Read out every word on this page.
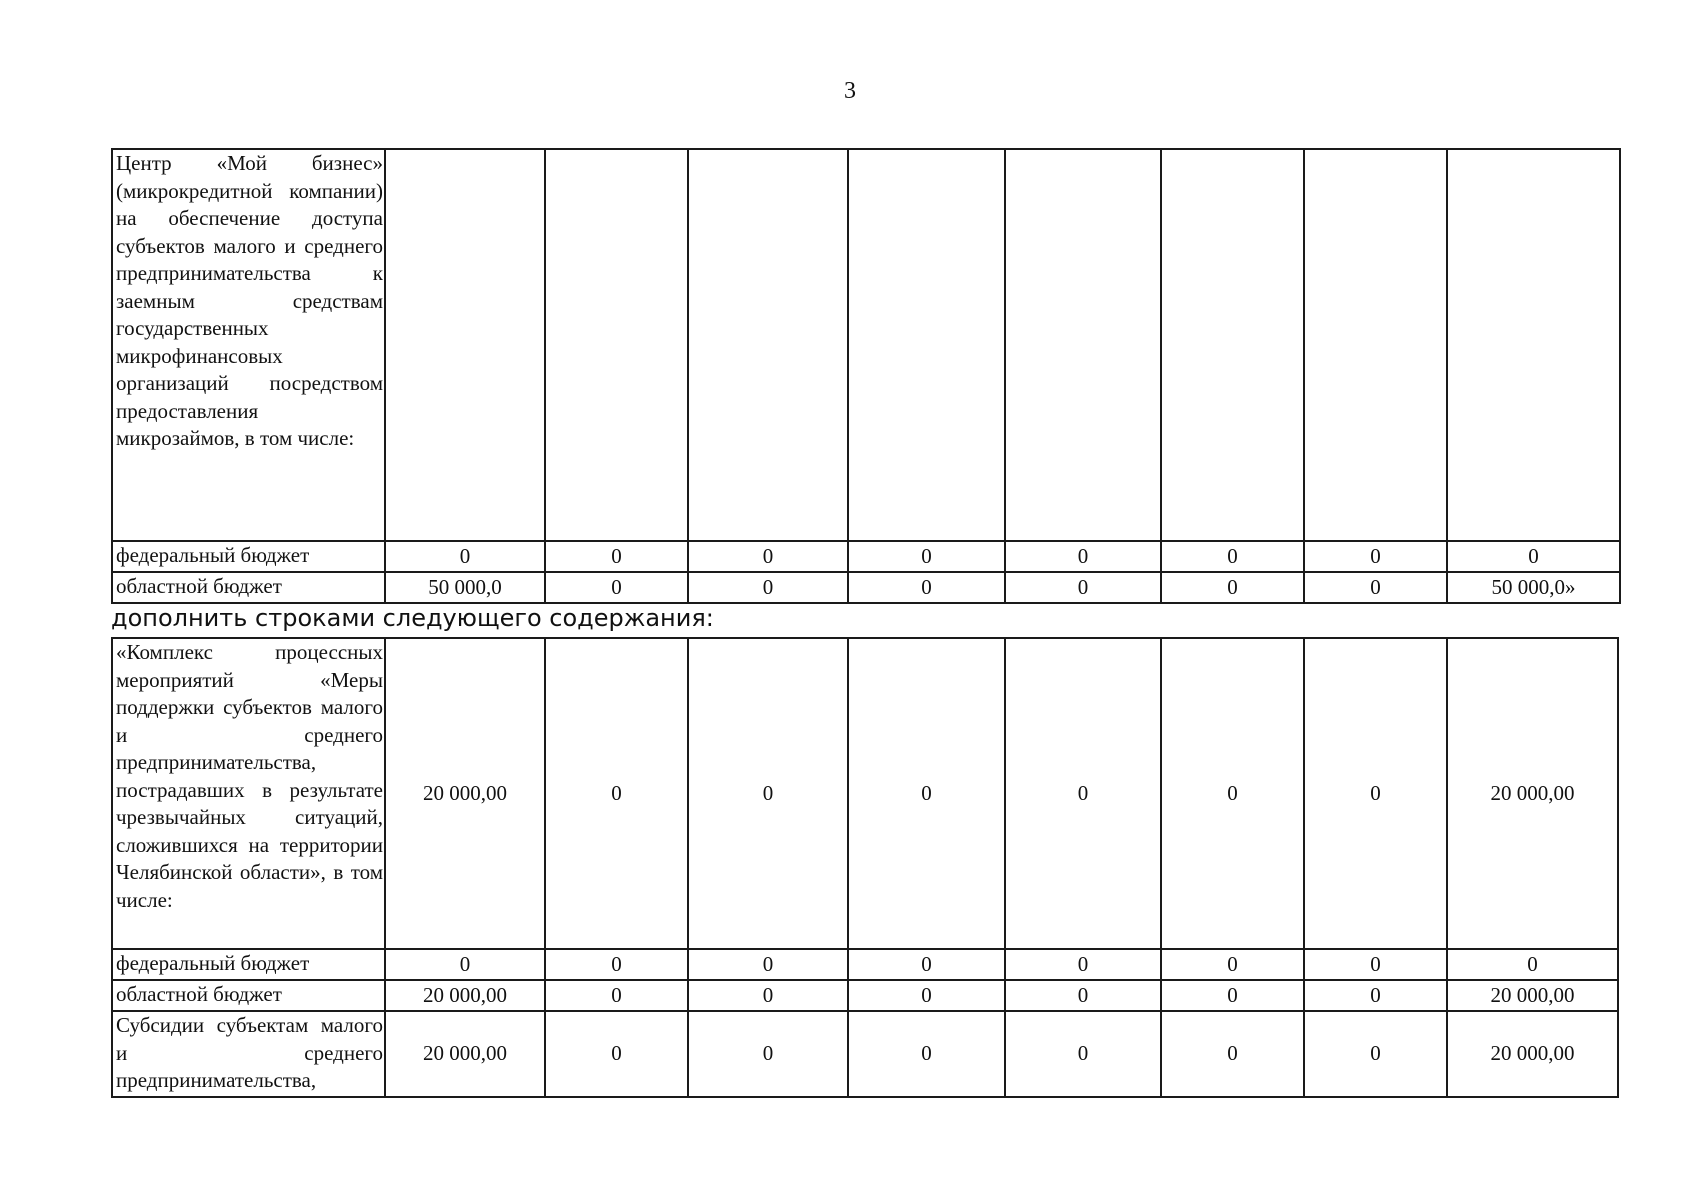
3
Центр «Мой бизнес» (микрокредитной компании) на обеспечение доступа субъектов малого и среднего предпринимательства к заемным средствам государственных микрофинансовых организаций посредством предоставления микрозаймов, в том числе:								

федеральный бюджет	0	0	0	0	0	0	0	0
областной бюджет	50 000,0	0	0	0	0	0	0	50 000,0»
дополнить строками следующего содержания:
«Комплекс процессных мероприятий «Меры поддержки субъектов малого и среднего предпринимательства, пострадавших в результате чрезвычайных ситуаций, сложившихся на территории Челябинской области», в том числе:	20 000,00	0	0	0	0	0	0	20 000,00
федеральный бюджет	0	0	0	0	0	0	0	0
областной бюджет	20 000,00	0	0	0	0	0	0	20 000,00

Субсидии субъектам малого и среднего предпринимательства,	20 000,00	0	0	0	0	0	0	20 000,00
